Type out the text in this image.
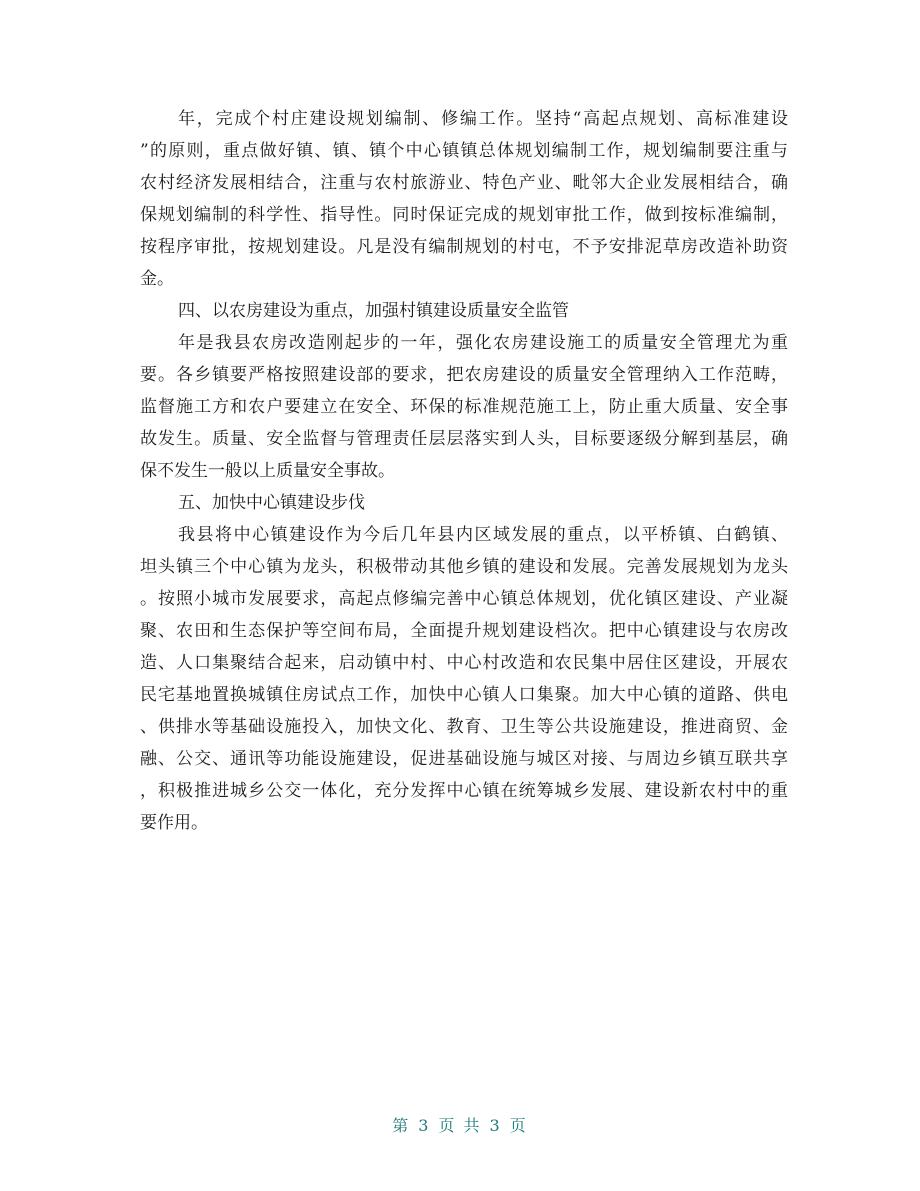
年，完成个村庄建设规划编制、修编工作。坚持“高起点规划、高标准建设
”的原则，重点做好镇、镇、镇个中心镇镇总体规划编制工作，规划编制要注重与
农村经济发展相结合，注重与农村旅游业、特色产业、毗邻大企业发展相结合，确
保规划编制的科学性、指导性。同时保证完成的规划审批工作，做到按标准编制，
按程序审批，按规划建设。凡是没有编制规划的村屯，不予安排泥草房改造补助资
金。
四、以农房建设为重点，加强村镇建设质量安全监管
年是我县农房改造刚起步的一年，强化农房建设施工的质量安全管理尤为重
要。各乡镇要严格按照建设部的要求，把农房建设的质量安全管理纳入工作范畴，
监督施工方和农户要建立在安全、环保的标准规范施工上，防止重大质量、安全事
故发生。质量、安全监督与管理责任层层落实到人头，目标要逐级分解到基层，确
保不发生一般以上质量安全事故。
五、加快中心镇建设步伐
我县将中心镇建设作为今后几年县内区域发展的重点，以平桥镇、白鹤镇、
坦头镇三个中心镇为龙头，积极带动其他乡镇的建设和发展。完善发展规划为龙头
。按照小城市发展要求，高起点修编完善中心镇总体规划，优化镇区建设、产业凝
聚、农田和生态保护等空间布局，全面提升规划建设档次。把中心镇建设与农房改
造、人口集聚结合起来，启动镇中村、中心村改造和农民集中居住区建设，开展农
民宅基地置换城镇住房试点工作，加快中心镇人口集聚。加大中心镇的道路、供电
、供排水等基础设施投入，加快文化、教育、卫生等公共设施建设，推进商贸、金
融、公交、通讯等功能设施建设，促进基础设施与城区对接、与周边乡镇互联共享
，积极推进城乡公交一体化，充分发挥中心镇在统筹城乡发展、建设新农村中的重
要作用。
第 3 页 共 3 页
